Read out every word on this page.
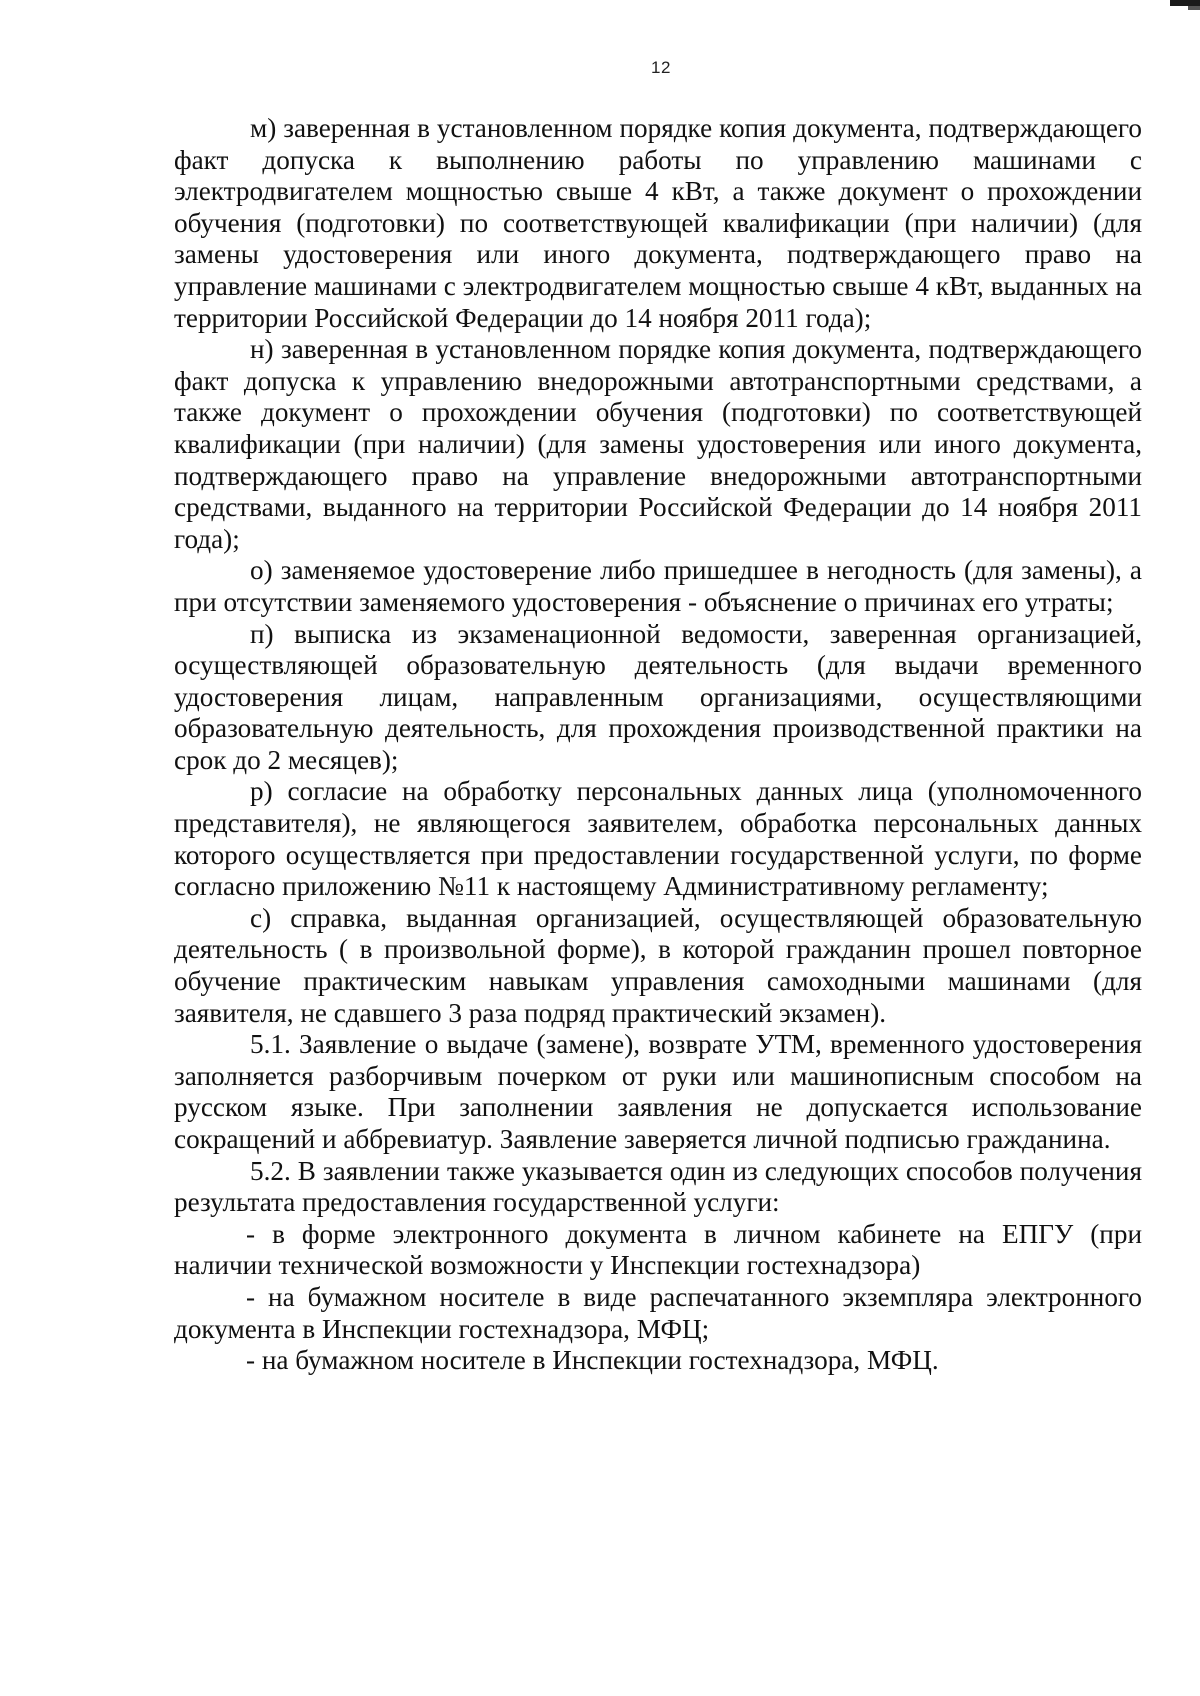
12

м) заверенная в установленном порядке копия документа, подтверждающего факт допуска к выполнению работы по управлению машинами с электродвигателем мощностью свыше 4 кВт, а также документ о прохождении обучения (подготовки) по соответствующей квалификации (при наличии) (для замены удостоверения или иного документа, подтверждающего право на управление машинами с электродвигателем мощностью свыше 4 кВт, выданных на территории Российской Федерации до 14 ноября 2011 года);

н) заверенная в установленном порядке копия документа, подтверждающего факт допуска к управлению внедорожными автотранспортными средствами, а также документ о прохождении обучения (подготовки) по соответствующей квалификации (при наличии) (для замены удостоверения или иного документа, подтверждающего право на управление внедорожными автотранспортными средствами, выданного на территории Российской Федерации до 14 ноября 2011 года);

о) заменяемое удостоверение либо пришедшее в негодность (для замены), а при отсутствии заменяемого удостоверения - объяснение о причинах его утраты;

п) выписка из экзаменационной ведомости, заверенная организацией, осуществляющей образовательную деятельность (для выдачи временного удостоверения лицам, направленным организациями, осуществляющими образовательную деятельность, для прохождения производственной практики на срок до 2 месяцев);

р) согласие на обработку персональных данных лица (уполномоченного представителя), не являющегося заявителем, обработка персональных данных которого осуществляется при предоставлении государственной услуги, по форме согласно приложению №11 к настоящему Административному регламенту;

с) справка, выданная организацией, осуществляющей образовательную деятельность ( в произвольной форме), в которой гражданин прошел повторное обучение практическим навыкам управления самоходными машинами (для заявителя, не сдавшего 3 раза подряд практический экзамен).

5.1. Заявление о выдаче (замене), возврате УТМ, временного удостоверения заполняется разборчивым почерком от руки или машинописным способом на русском языке. При заполнении заявления не допускается использование сокращений и аббревиатур. Заявление заверяется личной подписью гражданина.

5.2. В заявлении также указывается один из следующих способов получения результата предоставления государственной услуги:

- в форме электронного документа в личном кабинете на ЕПГУ (при наличии технической возможности у Инспекции гостехнадзора)

- на бумажном носителе в виде распечатанного экземпляра электронного документа в Инспекции гостехнадзора, МФЦ;

- на бумажном носителе в Инспекции гостехнадзора, МФЦ.
